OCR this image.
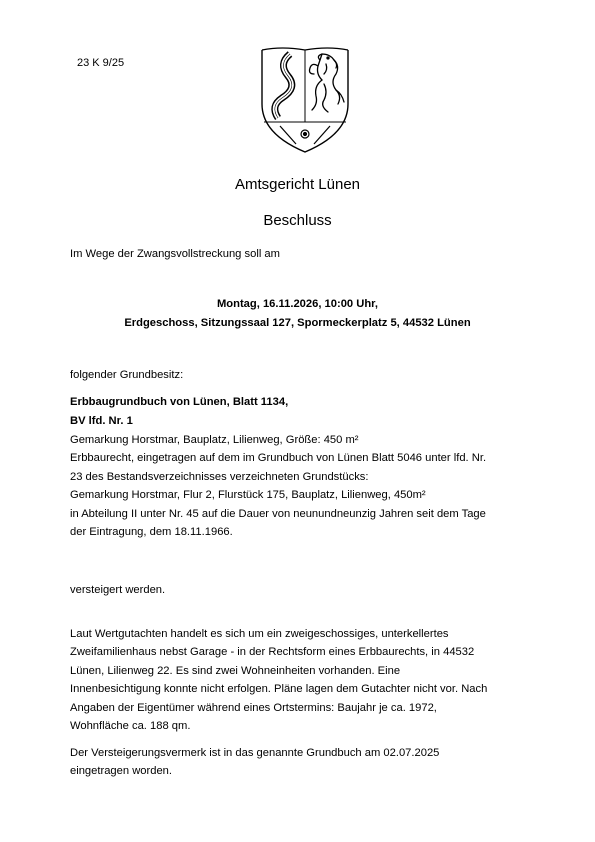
23 K 9/25
Amtsgericht Lünen
Beschluss
Im Wege der Zwangsvollstreckung soll am
Montag, 16.11.2026, 10:00 Uhr,
Erdgeschoss, Sitzungssaal 127, Spormeckerplatz 5, 44532 Lünen
folgender Grundbesitz:
Erbbaugrundbuch von Lünen, Blatt 1134,
BV lfd. Nr. 1
Gemarkung Horstmar, Bauplatz, Lilienweg, Größe: 450 m²
Erbbaurecht, eingetragen auf dem im Grundbuch von Lünen Blatt 5046 unter lfd. Nr.
23 des Bestandsverzeichnisses verzeichneten Grundstücks:
Gemarkung Horstmar, Flur 2, Flurstück 175, Bauplatz, Lilienweg, 450m²
in Abteilung II unter Nr. 45 auf die Dauer von neunundneunzig Jahren seit dem Tage
der Eintragung, dem 18.11.1966.
versteigert werden.
Laut Wertgutachten handelt es sich um ein zweigeschossiges, unterkellertes
Zweifamilienhaus nebst Garage - in der Rechtsform eines Erbbaurechts, in 44532
Lünen, Lilienweg 22. Es sind zwei Wohneinheiten vorhanden. Eine
Innenbesichtigung konnte nicht erfolgen. Pläne lagen dem Gutachter nicht vor. Nach
Angaben der Eigentümer während eines Ortstermins: Baujahr je ca. 1972,
Wohnfläche ca. 188 qm.
Der Versteigerungsvermerk ist in das genannte Grundbuch am 02.07.2025
eingetragen worden.
